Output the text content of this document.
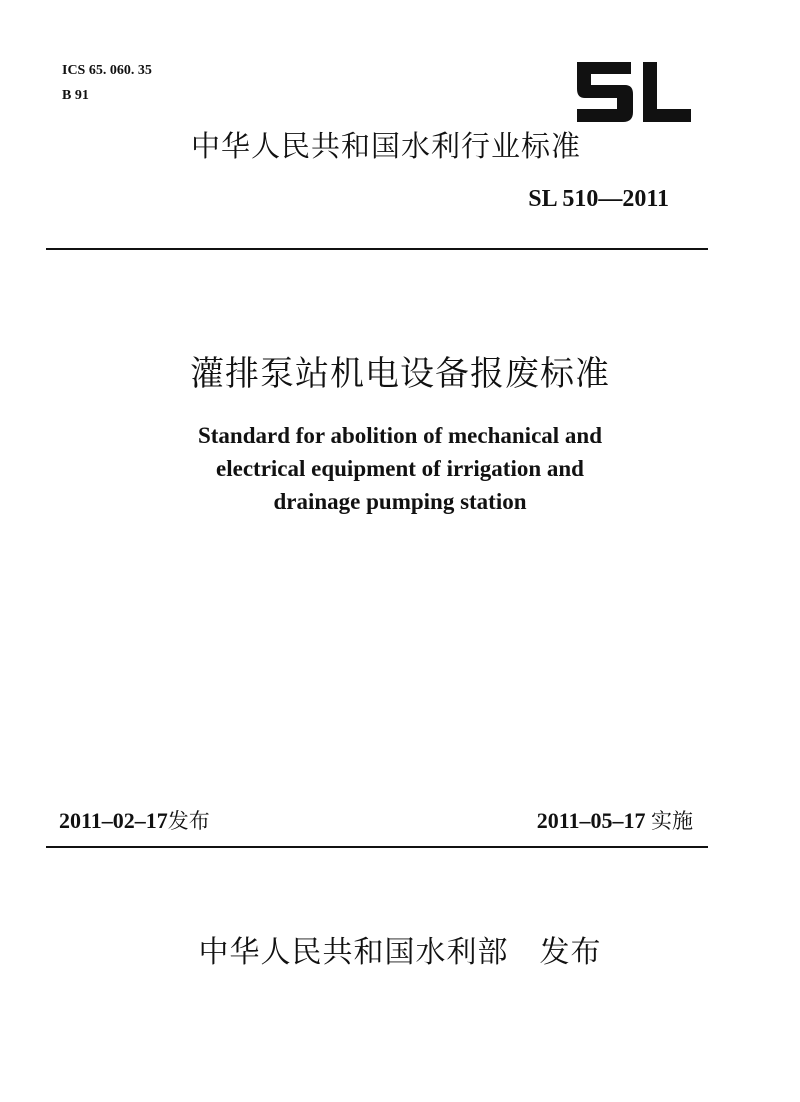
ICS 65. 060. 35

B 91

中华人民共和国水利行业标准

SL 510—2011

灌排泵站机电设备报废标准

Standard for abolition of mechanical and
electrical equipment of irrigation and
drainage pumping station

2011–02–17发布	2011–05–17 实施

中华人民共和国水利部　发布
